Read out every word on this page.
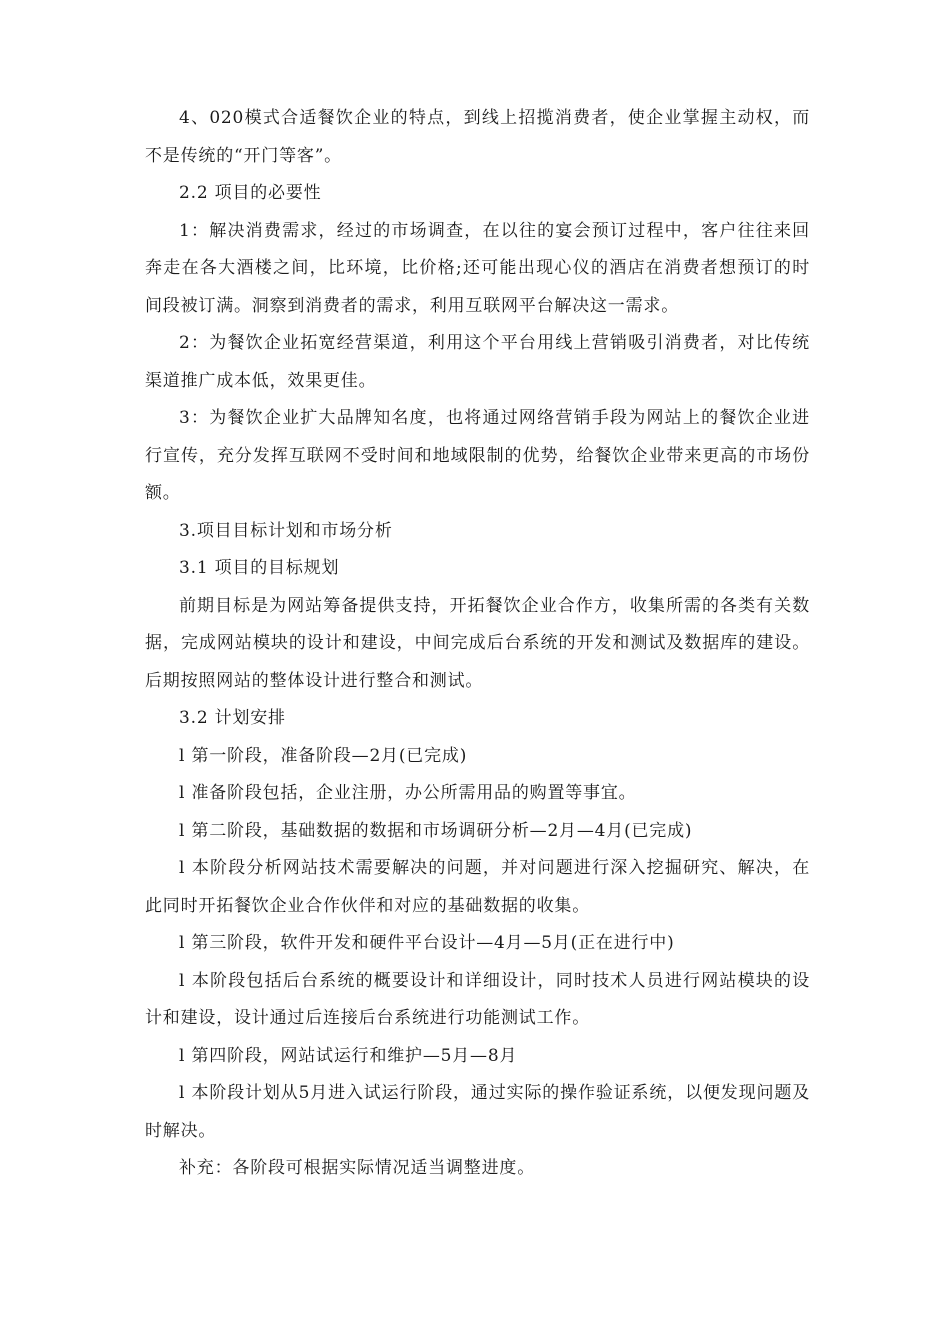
4、020模式合适餐饮企业的特点，到线上招揽消费者，使企业掌握主动权，而不是传统的“开门等客”。

2.2 项目的必要性

1：解决消费需求，经过的市场调查，在以往的宴会预订过程中，客户往往来回奔走在各大酒楼之间，比环境，比价格;还可能出现心仪的酒店在消费者想预订的时间段被订满。洞察到消费者的需求，利用互联网平台解决这一需求。

2：为餐饮企业拓宽经营渠道，利用这个平台用线上营销吸引消费者，对比传统渠道推广成本低，效果更佳。

3：为餐饮企业扩大品牌知名度，也将通过网络营销手段为网站上的餐饮企业进行宣传，充分发挥互联网不受时间和地域限制的优势，给餐饮企业带来更高的市场份额。

3.项目目标计划和市场分析

3.1 项目的目标规划

前期目标是为网站筹备提供支持，开拓餐饮企业合作方，收集所需的各类有关数据，完成网站模块的设计和建设，中间完成后台系统的开发和测试及数据库的建设。后期按照网站的整体设计进行整合和测试。

3.2 计划安排

l 第一阶段，准备阶段—2月(已完成)

l 准备阶段包括，企业注册，办公所需用品的购置等事宜。

l 第二阶段，基础数据的数据和市场调研分析—2月—4月(已完成)

l 本阶段分析网站技术需要解决的问题，并对问题进行深入挖掘研究、解决，在此同时开拓餐饮企业合作伙伴和对应的基础数据的收集。

l 第三阶段，软件开发和硬件平台设计—4月—5月(正在进行中)

l 本阶段包括后台系统的概要设计和详细设计，同时技术人员进行网站模块的设计和建设，设计通过后连接后台系统进行功能测试工作。

l 第四阶段，网站试运行和维护—5月—8月

l 本阶段计划从5月进入试运行阶段，通过实际的操作验证系统，以便发现问题及时解决。

补充：各阶段可根据实际情况适当调整进度。
